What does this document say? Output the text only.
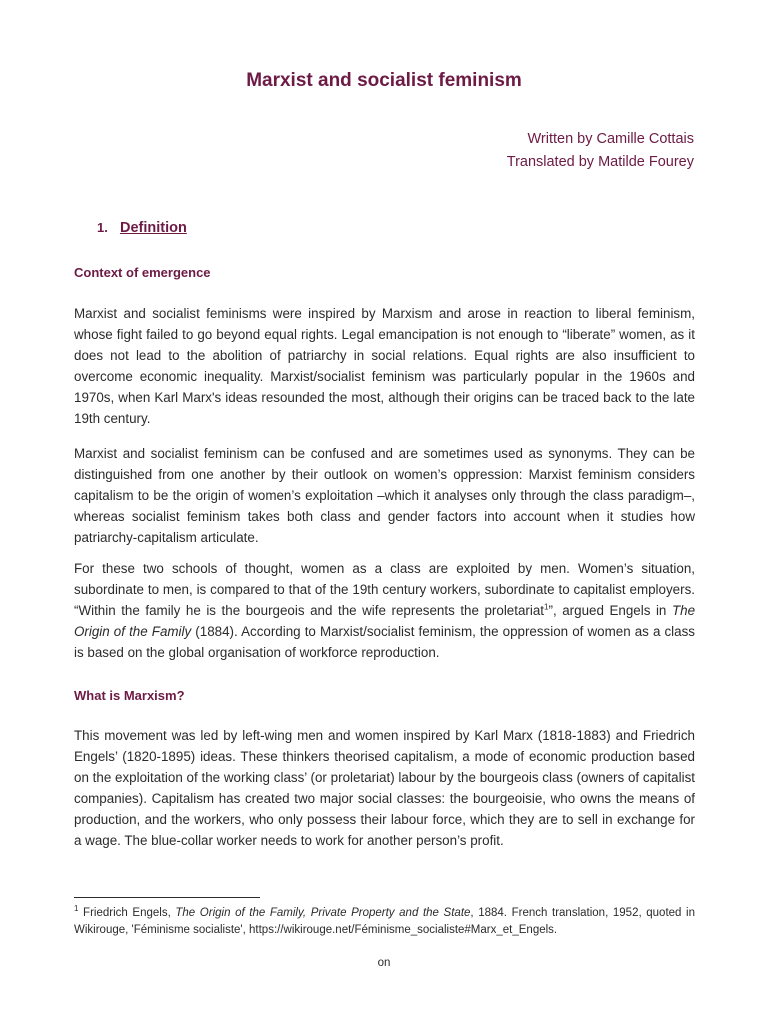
Marxist and socialist feminism
Written by Camille Cottais
Translated by Matilde Fourey
1. Definition
Context of emergence

Marxist and socialist feminisms were inspired by Marxism and arose in reaction to liberal feminism, whose fight failed to go beyond equal rights. Legal emancipation is not enough to “liberate” women, as it does not lead to the abolition of patriarchy in social relations. Equal rights are also insufficient to overcome economic inequality. Marxist/socialist feminism was particularly popular in the 1960s and 1970s, when Karl Marx's ideas resounded the most, although their origins can be traced back to the late 19th century.

Marxist and socialist feminism can be confused and are sometimes used as synonyms. They can be distinguished from one another by their outlook on women’s oppression: Marxist feminism considers capitalism to be the origin of women’s exploitation –which it analyses only through the class paradigm–, whereas socialist feminism takes both class and gender factors into account when it studies how patriarchy-capitalism articulate.

For these two schools of thought, women as a class are exploited by men. Women’s situation, subordinate to men, is compared to that of the 19th century workers, subordinate to capitalist employers. “Within the family he is the bourgeois and the wife represents the proletariat$^1$”, argued Engels in The Origin of the Family (1884). According to Marxist/socialist feminism, the oppression of women as a class is based on the global organisation of workforce reproduction.

What is Marxism?

This movement was led by left-wing men and women inspired by Karl Marx (1818-1883) and Friedrich Engels’ (1820-1895) ideas. These thinkers theorised capitalism, a mode of economic production based on the exploitation of the working class’ (or proletariat) labour by the bourgeois class (owners of capitalist companies). Capitalism has created two major social classes: the bourgeoisie, who owns the means of production, and the workers, who only possess their labour force, which they are to sell in exchange for a wage. The blue-collar worker needs to work for another person’s profit.

$^1$ Friedrich Engels, The Origin of the Family, Private Property and the State, 1884. French translation, 1952, quoted in Wikirouge, 'Féminisme socialiste', https://wikirouge.net/Féminisme_socialiste#Marx_et_Engels.

on
